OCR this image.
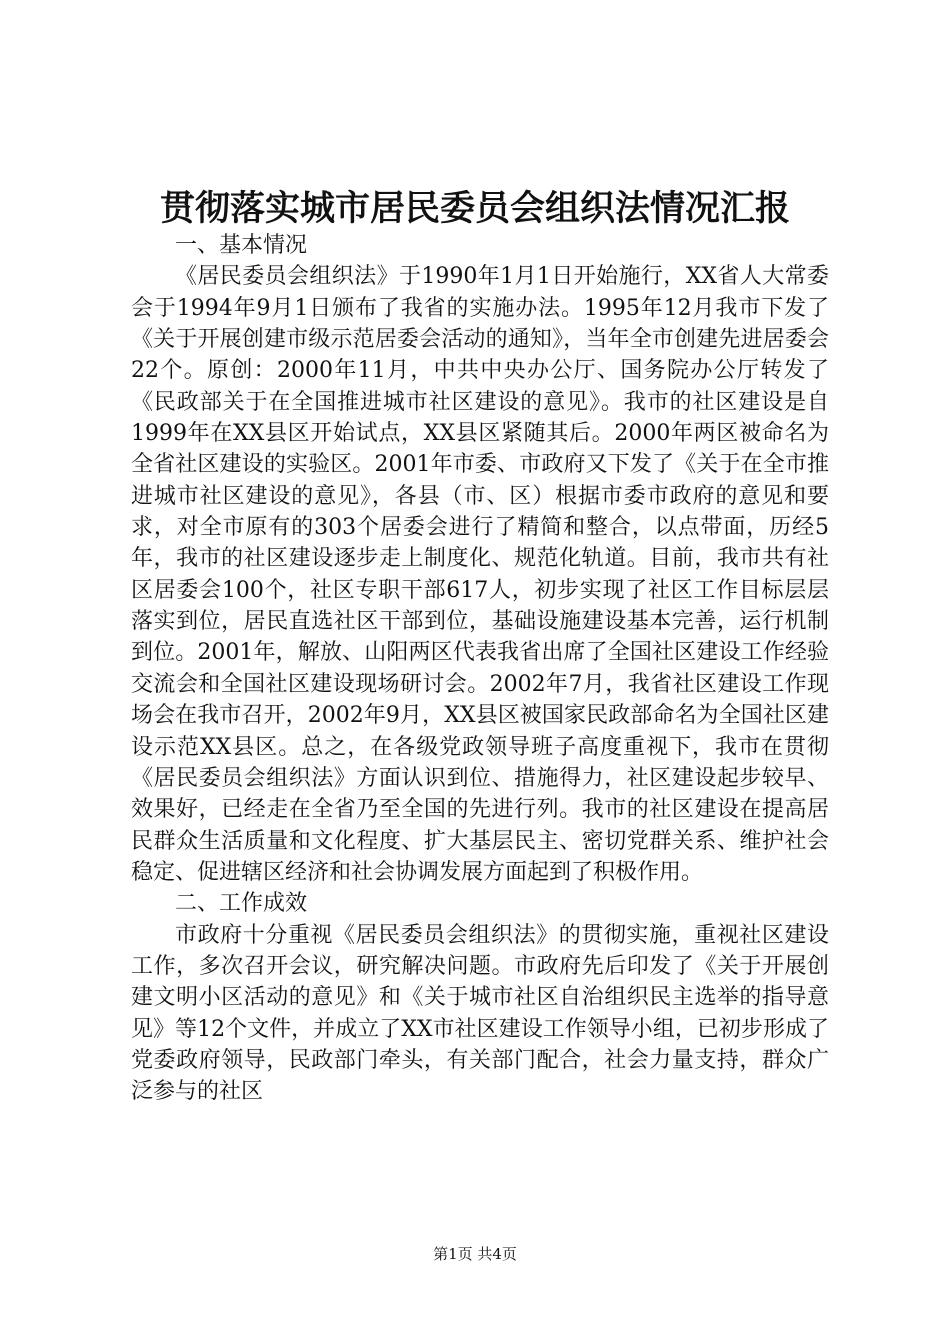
贯彻落实城市居民委员会组织法情况汇报

一、基本情况

《居民委员会组织法》于1990年1月1日开始施行，XX省人大常委会于1994年9月1日颁布了我省的实施办法。1995年12月我市下发了《关于开展创建市级示范居委会活动的通知》，当年全市创建先进居委会22个。原创：2000年11月，中共中央办公厅、国务院办公厅转发了《民政部关于在全国推进城市社区建设的意见》。我市的社区建设是自1999年在XX县区开始试点，XX县区紧随其后。2000年两区被命名为全省社区建设的实验区。2001年市委、市政府又下发了《关于在全市推进城市社区建设的意见》，各县（市、区）根据市委市政府的意见和要求，对全市原有的303个居委会进行了精简和整合，以点带面，历经5年，我市的社区建设逐步走上制度化、规范化轨道。目前，我市共有社区居委会100个，社区专职干部617人，初步实现了社区工作目标层层落实到位，居民直选社区干部到位，基础设施建设基本完善，运行机制到位。2001年，解放、山阳两区代表我省出席了全国社区建设工作经验交流会和全国社区建设现场研讨会。2002年7月，我省社区建设工作现场会在我市召开，2002年9月，XX县区被国家民政部命名为全国社区建设示范XX县区。总之，在各级党政领导班子高度重视下，我市在贯彻《居民委员会组织法》方面认识到位、措施得力，社区建设起步较早、效果好，已经走在全省乃至全国的先进行列。我市的社区建设在提高居民群众生活质量和文化程度、扩大基层民主、密切党群关系、维护社会稳定、促进辖区经济和社会协调发展方面起到了积极作用。

二、工作成效

市政府十分重视《居民委员会组织法》的贯彻实施，重视社区建设工作，多次召开会议，研究解决问题。市政府先后印发了《关于开展创建文明小区活动的意见》和《关于城市社区自治组织民主选举的指导意见》等12个文件，并成立了XX市社区建设工作领导小组，已初步形成了党委政府领导，民政部门牵头，有关部门配合，社会力量支持，群众广泛参与的社区

第1页 共4页
